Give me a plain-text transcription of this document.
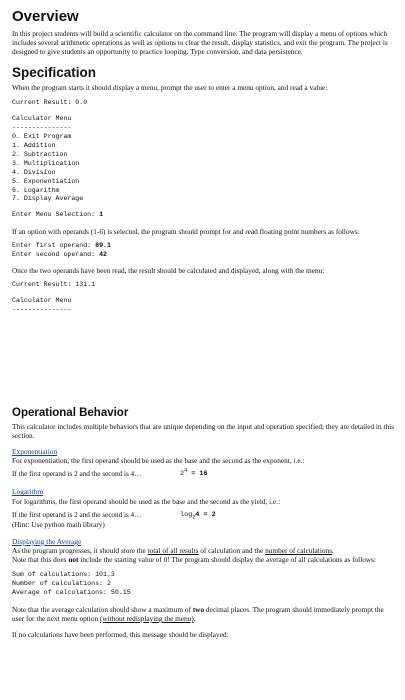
Overview

In this project students will build a scientific calculator on the command line. The program will display a menu of options which includes several arithmetic operations as well as options to clear the result, display statistics, and exit the program. The project is designed to give students an opportunity to practice looping. Type conversion, and data persistence.

Specification

When the program starts it should display a menu, prompt the user to enter a menu option, and read a value:

Current Result: 0.0
Calculator Menu
---------------
0. Exit Program
1. Addition
2. Subtraction
3. Multiplication
4. Division
5. Exponentiation
6. Logarithm
7. Display Average
Enter Menu Selection: 1

If an option with operands (1-6) is selected, the program should prompt for and read floating point numbers as follows:

Enter first operand: 89.1
Enter second operand: 42

Once the two operands have been read, the result should be calculated and displayed, along with the menu:

Current Result: 131.1
Calculator Menu
---------------
Operational Behavior

This calculator includes multiple behaviors that are unique depending on the input and operation specified; they are detailed in this section.

Exponentiation

For exponentiation, the first operand should be used as the base and the second as the exponent, i.e.:

If the first operand is 2 and the second is 4…	$2^4 = 16$
Logarithm

For logarithms, the first operand should be used as the base and the second as the yield, i.e.:

If the first operand is 2 and the second is 4…	$\log_24 = 2$

(Hint: Use python math library)

Displaying the Average

As the program progresses, it should store the total of all results of calculation and the number of calculations.

Note that this does not include the starting value of 0! The program should display the average of all calculations as follows:

Sum of calculations: 101.3
Number of calculations: 2
Average of calculations: 50.15

Note that the average calculation should show a maximum of two decimal places. The program should immediately prompt the user for the next menu option (without redisplaying the menu).

If no calculations have been performed, this message should be displayed:
